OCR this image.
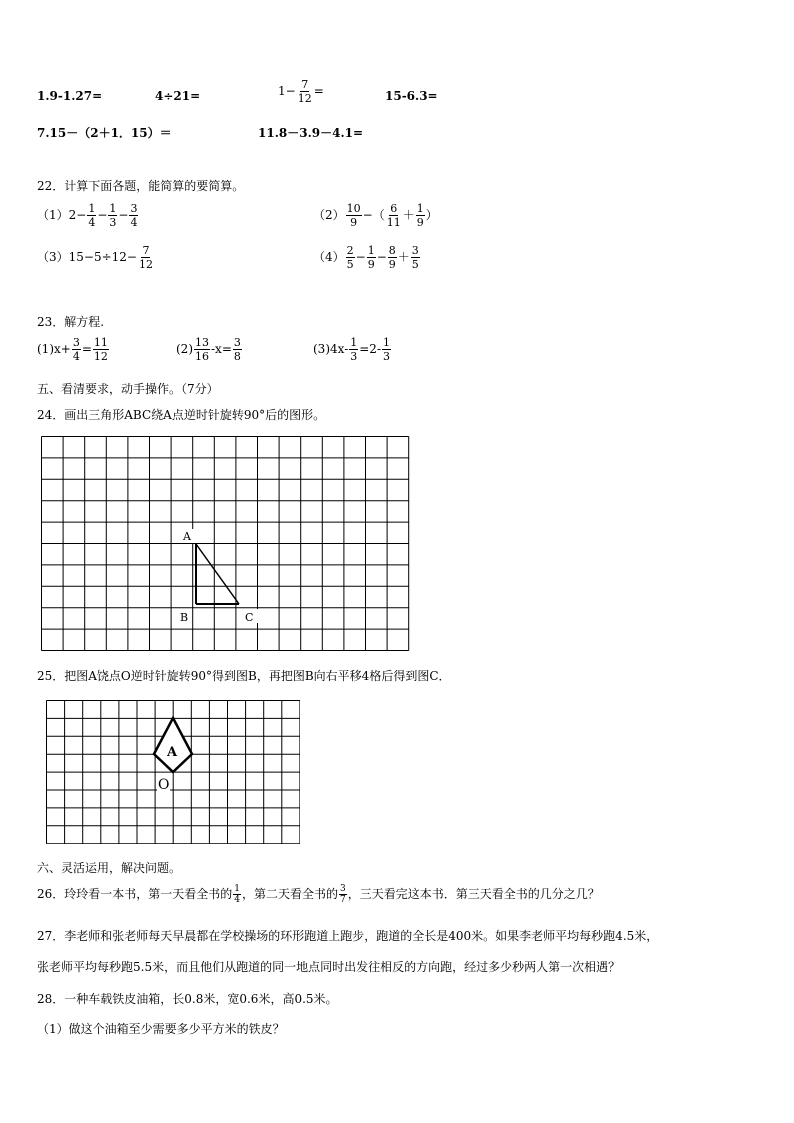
1.9-1.27=	4÷21=	$1- \frac{7}{12}$ =	15-6.3=
7.15－（2＋1．15）＝	11.8－3.9－4.1=
22．计算下面各题，能简算的要简算。
$(1)2- \frac{1}{4} - \frac{1}{3} - \frac{3}{4}$	$(2) \frac{10}{9}$ −（ $\frac{6}{11} + \frac{1}{9}$ ）
$(3)15-5\div 12- \frac{7}{12}$	$(4) \frac{2}{5} - \frac{1}{9} - \frac{8}{9} + \frac{3}{5}$
23．解方程.
$(1)x+ \frac{3}{4} = \frac{11}{12}$	$(2) \frac{13}{16} -x= \frac{3}{8}$	$(3)4x- \frac{1}{3} =2- \frac{1}{3}$
五、看清要求，动手操作。（7分）
24．画出三角形ABC绕A点逆时针旋转90°后的图形。
A
B	C
25．把图A饶点O逆时针旋转90°得到图B，再把图B向右平移4格后得到图C．
A
O
六、灵活运用，解决问题。
26．玲玲看一本书，第一天看全书的 $\frac{1}{4}$ ，第二天看全书的 $\frac{3}{7}$ ，三天看完这本书．第三天看全书的几分之几？
27．李老师和张老师每天早晨都在学校操场的环形跑道上跑步，跑道的全长是400米。如果李老师平均每秒跑4.5米，
张老师平均每秒跑5.5米，而且他们从跑道的同一地点同时出发往相反的方向跑，经过多少秒两人第一次相遇？
28．一种车载铁皮油箱，长0.8米，宽0.6米，高0.5米。
（1）做这个油箱至少需要多少平方米的铁皮？
